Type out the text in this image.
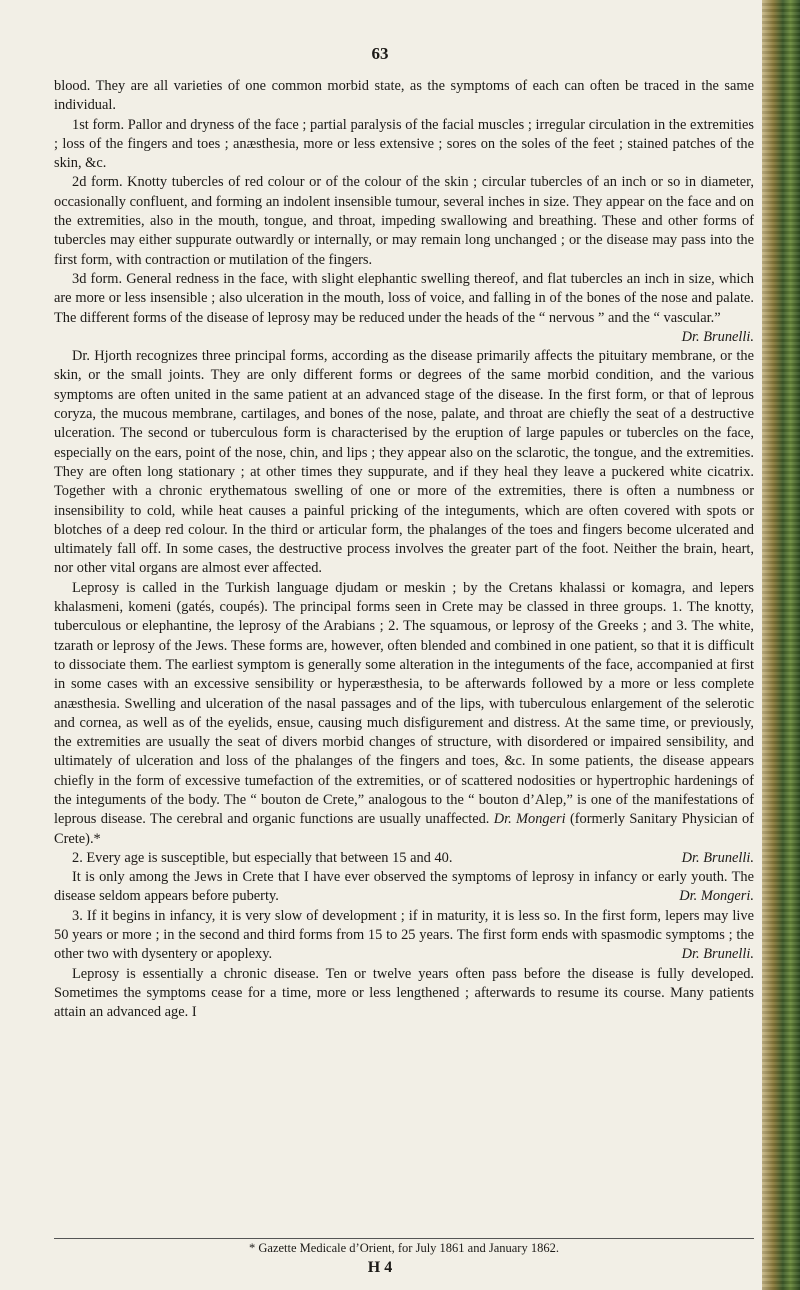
63

blood. They are all varieties of one common morbid state, as the symptoms of each can often be traced in the same individual.

1st form. Pallor and dryness of the face ; partial paralysis of the facial muscles ; irregular circulation in the extremities ; loss of the fingers and toes ; anæsthesia, more or less extensive ; sores on the soles of the feet ; stained patches of the skin, &c.

2d form. Knotty tubercles of red colour or of the colour of the skin ; circular tubercles of an inch or so in diameter, occasionally confluent, and forming an indolent insensible tumour, several inches in size. They appear on the face and on the extremities, also in the mouth, tongue, and throat, impeding swallowing and breathing. These and other forms of tubercles may either suppurate outwardly or internally, or may remain long unchanged ; or the disease may pass into the first form, with contraction or mutilation of the fingers.

3d form. General redness in the face, with slight elephantic swelling thereof, and flat tubercles an inch in size, which are more or less insensible ; also ulceration in the mouth, loss of voice, and falling in of the bones of the nose and palate. The different forms of the disease of leprosy may be reduced under the heads of the “ nervous ” and the “ vascular.”
Dr. Brunelli.

Dr. Hjorth recognizes three principal forms, according as the disease primarily affects the pituitary membrane, or the skin, or the small joints. They are only different forms or degrees of the same morbid condition, and the various symptoms are often united in the same patient at an advanced stage of the disease. In the first form, or that of leprous coryza, the mucous membrane, cartilages, and bones of the nose, palate, and throat are chiefly the seat of a destructive ulceration. The second or tuberculous form is characterised by the eruption of large papules or tubercles on the face, especially on the ears, point of the nose, chin, and lips ; they appear also on the sclarotic, the tongue, and the extremities. They are often long stationary ; at other times they suppurate, and if they heal they leave a puckered white cicatrix. Together with a chronic erythematous swelling of one or more of the extremities, there is often a numbness or insensibility to cold, while heat causes a painful pricking of the integuments, which are often covered with spots or blotches of a deep red colour. In the third or articular form, the phalanges of the toes and fingers become ulcerated and ultimately fall off. In some cases, the destructive process involves the greater part of the foot. Neither the brain, heart, nor other vital organs are almost ever affected.

Leprosy is called in the Turkish language djudam or meskin ; by the Cretans khalassi or komagra, and lepers khalasmeni, komeni (gatés, coupés). The principal forms seen in Crete may be classed in three groups. 1. The knotty, tuberculous or elephantine, the leprosy of the Arabians ; 2. The squamous, or leprosy of the Greeks ; and 3. The white, tzarath or leprosy of the Jews. These forms are, however, often blended and combined in one patient, so that it is difficult to dissociate them. The earliest symptom is generally some alteration in the integuments of the face, accompanied at first in some cases with an excessive sensibility or hyperæsthesia, to be afterwards followed by a more or less complete anæsthesia. Swelling and ulceration of the nasal passages and of the lips, with tuberculous enlargement of the selerotic and cornea, as well as of the eyelids, ensue, causing much disfigurement and distress. At the same time, or previously, the extremities are usually the seat of divers morbid changes of structure, with disordered or impaired sensibility, and ultimately of ulceration and loss of the phalanges of the fingers and toes, &c. In some patients, the disease appears chiefly in the form of excessive tumefaction of the extremities, or of scattered nodosities or hypertrophic hardenings of the integuments of the body. The “ bouton de Crete,” analogous to the “ bouton d’Alep,” is one of the manifestations of leprous disease. The cerebral and organic functions are usually unaffected. Dr. Mongeri (formerly Sanitary Physician of Crete).*

2. Every age is susceptible, but especially that between 15 and 40.	Dr. Brunelli.

It is only among the Jews in Crete that I have ever observed the symptoms of leprosy in infancy or early youth. The disease seldom appears before puberty.	Dr. Mongeri.

3. If it begins in infancy, it is very slow of development ; if in maturity, it is less so. In the first form, lepers may live 50 years or more ; in the second and third forms from 15 to 25 years. The first form ends with spasmodic symptoms ; the other two with dysentery or apoplexy.	Dr. Brunelli.

Leprosy is essentially a chronic disease. Ten or twelve years often pass before the disease is fully developed. Sometimes the symptoms cease for a time, more or less lengthened ; afterwards to resume its course. Many patients attain an advanced age. I

* Gazette Medicale d’Orient, for July 1861 and January 1862.
H 4
